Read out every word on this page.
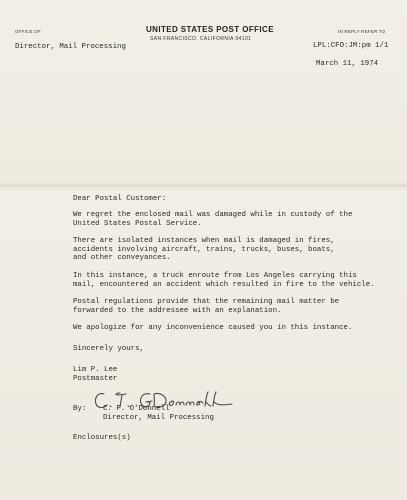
OFFICE OF	UNITED STATES POST OFFICE
SAN FRANCISCO, CALIFORNIA 94101
IN REPLY REFER TO
Director, Mail Processing	LPL:CFO:JM:pm 1/1
March 11, 1974
Dear Postal Customer:
We regret the enclosed mail was damaged while in custody of the
United States Postal Service.
There are isolated instances when mail is damaged in fires,
accidents involving aircraft, trains, trucks, buses, boats,
and other conveyances.
In this instance, a truck enroute from Los Angeles carrying this
mail, encountered an accident which resulted in fire to the vehicle.
Postal regulations provide that the remaining mail matter be
forwarded to the addressee with an explanation.
We apologize for any inconvenience caused you in this instance.
Sincerely yours,
Lim P. Lee
Postmaster
By: C. F. O'Donnell
Director, Mail Processing
Enclosures(s)
